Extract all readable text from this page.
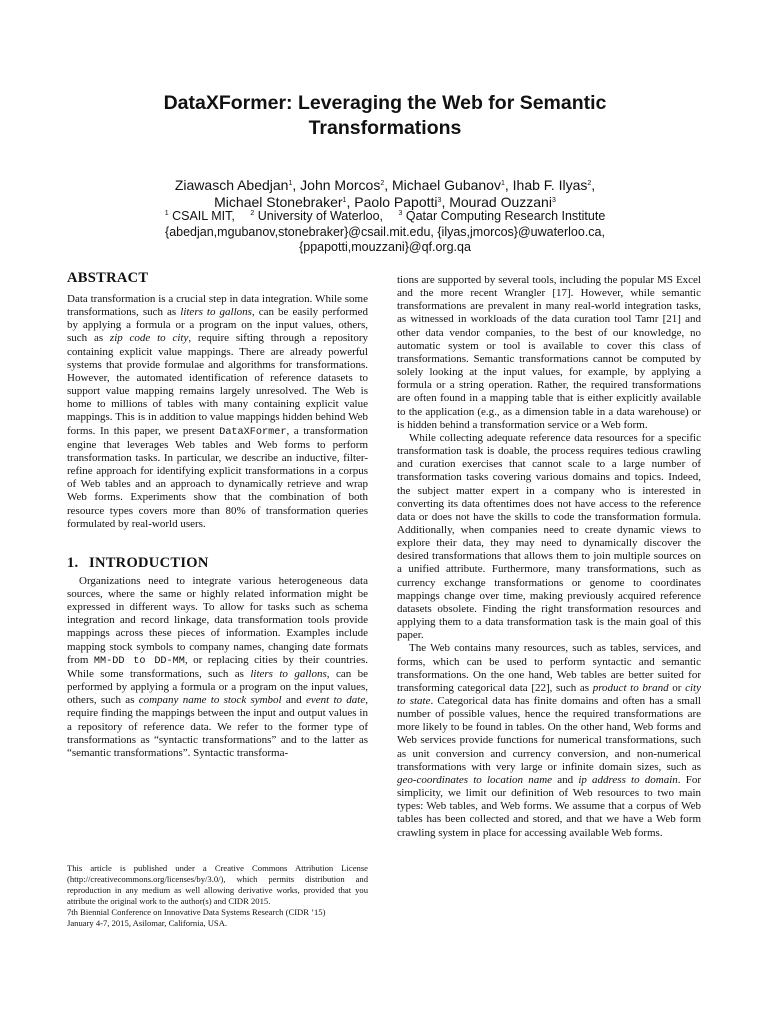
DataXFormer: Leveraging the Web for Semantic
Transformations
Ziawasch Abedjan$^1$, John Morcos$^2$, Michael Gubanov$^1$, Ihab F. Ilyas$^2$,
Michael Stonebraker$^1$, Paolo Papotti$^3$, Mourad Ouzzani$^3$
$^1$ CSAIL MIT, $^2$ University of Waterloo, $^3$ Qatar Computing Research Institute
{abedjan,mgubanov,stonebraker}@csail.mit.edu, {ilyas,jmorcos}@uwaterloo.ca,
{ppapotti,mouzzani}@qf.org.qa
ABSTRACT

Data transformation is a crucial step in data integration. While some transformations, such as liters to gallons, can be easily performed by applying a formula or a program on the input values, others, such as zip code to city, require sifting through a repository containing explicit value mappings. There are already powerful systems that provide formulae and algorithms for transformations. However, the automated identification of reference datasets to support value mapping remains largely unresolved. The Web is home to millions of tables with many containing explicit value mappings. This is in addition to value mappings hidden behind Web forms. In this paper, we present DataXFormer, a transformation engine that leverages Web tables and Web forms to perform transformation tasks. In particular, we describe an inductive, filter-refine approach for identifying explicit transformations in a corpus of Web tables and an approach to dynamically retrieve and wrap Web forms. Experiments show that the combination of both resource types covers more than 80% of transformation queries formulated by real-world users.

1. INTRODUCTION

Organizations need to integrate various heterogeneous data sources, where the same or highly related information might be expressed in different ways. To allow for tasks such as schema integration and record linkage, data transformation tools provide mappings across these pieces of information. Examples include mapping stock symbols to company names, changing date formats from MM-DD to DD-MM, or replacing cities by their countries. While some transformations, such as liters to gallons, can be performed by applying a formula or a program on the input values, others, such as company name to stock symbol and event to date, require finding the mappings between the input and output values in a repository of reference data. We refer to the former type of transformations as “syntactic transformations” and to the latter as “semantic transformations”. Syntactic transforma-

This article is published under a Creative Commons Attribution License (http://creativecommons.org/licenses/by/3.0/), which permits distribution and reproduction in any medium as well allowing derivative works, provided that you attribute the original work to the author(s) and CIDR 2015.
7th Biennial Conference on Innovative Data Systems Research (CIDR ’15)
January 4-7, 2015, Asilomar, California, USA.

tions are supported by several tools, including the popular MS Excel and the more recent Wrangler [17]. However, while semantic transformations are prevalent in many real-world integration tasks, as witnessed in workloads of the data curation tool Tamr [21] and other data vendor companies, to the best of our knowledge, no automatic system or tool is available to cover this class of transformations. Semantic transformations cannot be computed by solely looking at the input values, for example, by applying a formula or a string operation. Rather, the required transformations are often found in a mapping table that is either explicitly available to the application (e.g., as a dimension table in a data warehouse) or is hidden behind a transformation service or a Web form.

While collecting adequate reference data resources for a specific transformation task is doable, the process requires tedious crawling and curation exercises that cannot scale to a large number of transformation tasks covering various domains and topics. Indeed, the subject matter expert in a company who is interested in converting its data oftentimes does not have access to the reference data or does not have the skills to code the transformation formula. Additionally, when companies need to create dynamic views to explore their data, they may need to dynamically discover the desired transformations that allows them to join multiple sources on a unified attribute. Furthermore, many transformations, such as currency exchange transformations or genome to coordinates mappings change over time, making previously acquired reference datasets obsolete. Finding the right transformation resources and applying them to a data transformation task is the main goal of this paper.

The Web contains many resources, such as tables, services, and forms, which can be used to perform syntactic and semantic transformations. On the one hand, Web tables are better suited for transforming categorical data [22], such as product to brand or city to state. Categorical data has finite domains and often has a small number of possible values, hence the required transformations are more likely to be found in tables. On the other hand, Web forms and Web services provide functions for numerical transformations, such as unit conversion and currency conversion, and non-numerical transformations with very large or infinite domain sizes, such as geo-coordinates to location name and ip address to domain. For simplicity, we limit our definition of Web resources to two main types: Web tables, and Web forms. We assume that a corpus of Web tables has been collected and stored, and that we have a Web form crawling system in place for accessing available Web forms.
